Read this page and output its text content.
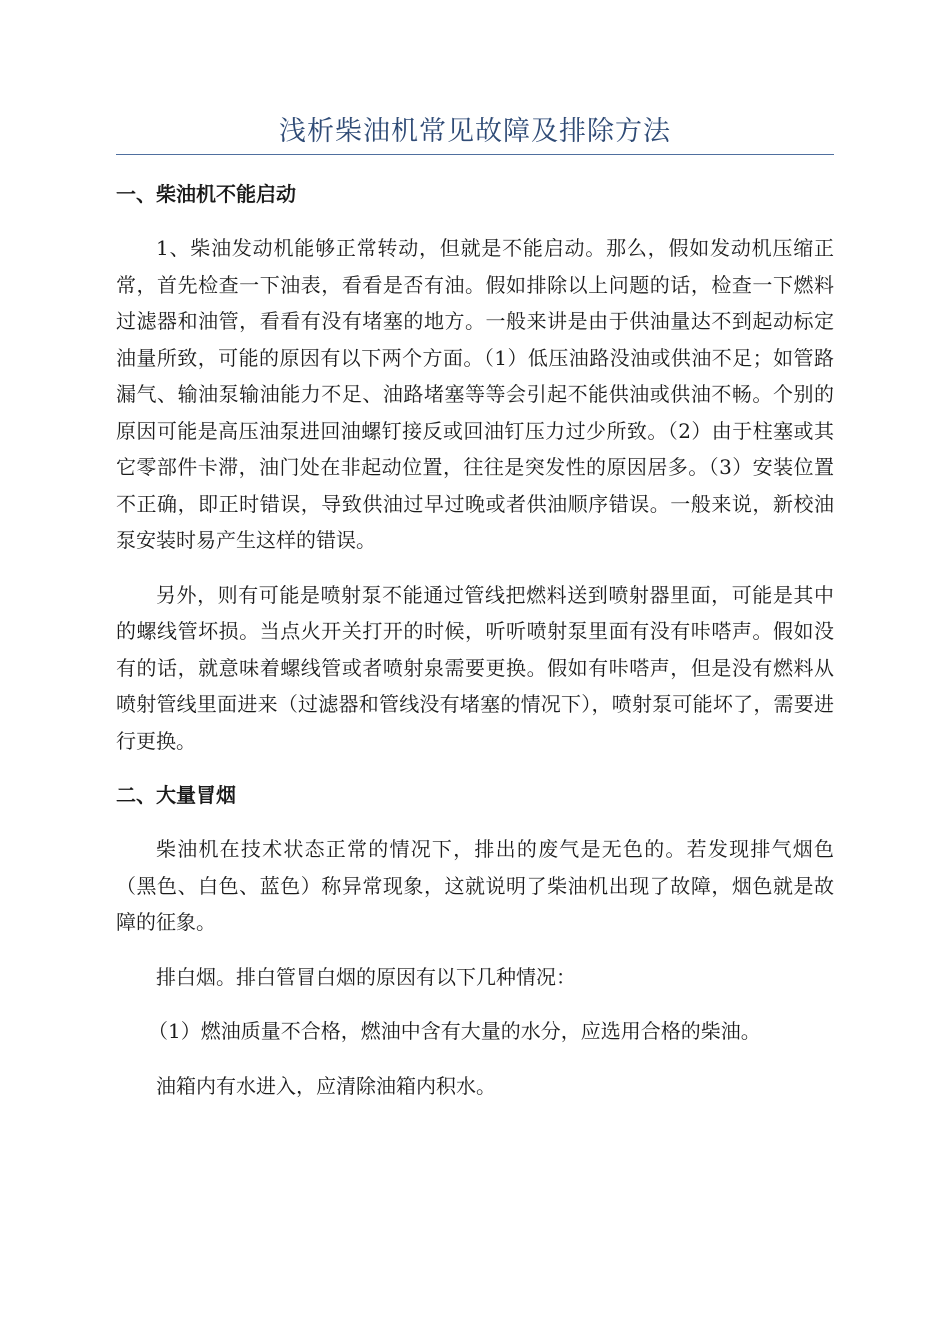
浅析柴油机常见故障及排除方法
一、柴油机不能启动

1、柴油发动机能够正常转动，但就是不能启动。那么，假如发动机压缩正常，首先检查一下油表，看看是否有油。假如排除以上问题的话，检查一下燃料过滤器和油管，看看有没有堵塞的地方。一般来讲是由于供油量达不到起动标定油量所致，可能的原因有以下两个方面。（1）低压油路没油或供油不足；如管路漏气、输油泵输油能力不足、油路堵塞等等会引起不能供油或供油不畅。个别的原因可能是高压油泵进回油螺钉接反或回油钉压力过少所致。（2）由于柱塞或其它零部件卡滞，油门处在非起动位置，往往是突发性的原因居多。（3）安装位置不正确，即正时错误，导致供油过早过晚或者供油顺序错误。一般来说，新校油泵安装时易产生这样的错误。

另外，则有可能是喷射泵不能通过管线把燃料送到喷射器里面，可能是其中的螺线管坏损。当点火开关打开的时候，听听喷射泵里面有没有咔嗒声。假如没有的话，就意味着螺线管或者喷射泉需要更换。假如有咔嗒声，但是没有燃料从喷射管线里面进来（过滤器和管线没有堵塞的情况下），喷射泵可能坏了，需要进行更换。

二、大量冒烟

柴油机在技术状态正常的情况下，排出的废气是无色的。若发现排气烟色（黑色、白色、蓝色）称异常现象，这就说明了柴油机出现了故障，烟色就是故障的征象。

排白烟。排白管冒白烟的原因有以下几种情况：

（1）燃油质量不合格，燃油中含有大量的水分，应选用合格的柴油。

油箱内有水进入，应清除油箱内积水。
